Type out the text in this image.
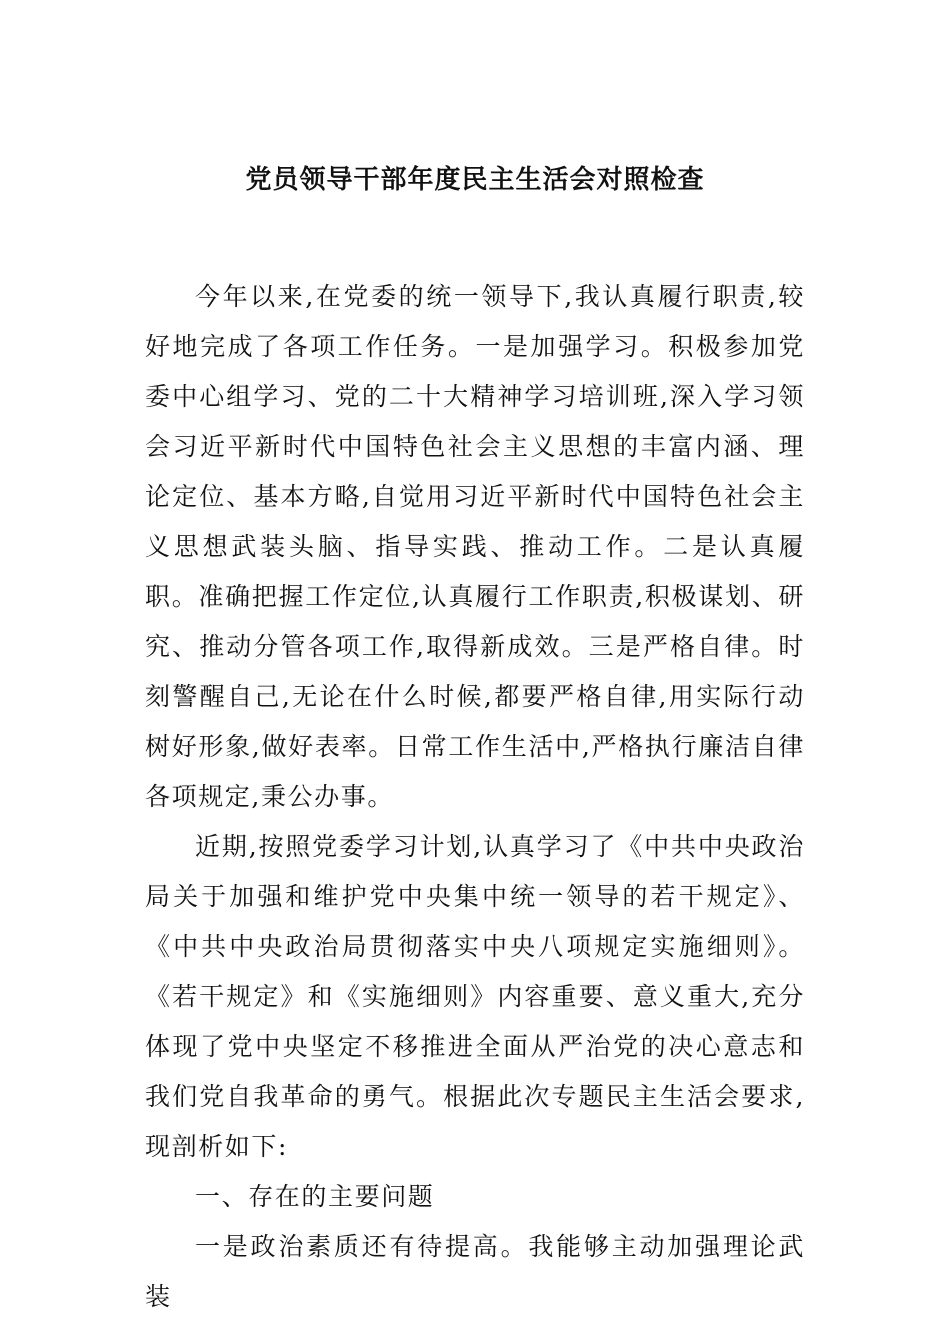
党员领导干部年度民主生活会对照检查

今年以来,在党委的统一领导下,我认真履行职责,较好地完成了各项工作任务。一是加强学习。积极参加党委中心组学习、党的二十大精神学习培训班,深入学习领会习近平新时代中国特色社会主义思想的丰富内涵、理论定位、基本方略,自觉用习近平新时代中国特色社会主义思想武装头脑、指导实践、推动工作。二是认真履职。准确把握工作定位,认真履行工作职责,积极谋划、研究、推动分管各项工作,取得新成效。三是严格自律。时刻警醒自己,无论在什么时候,都要严格自律,用实际行动树好形象,做好表率。日常工作生活中,严格执行廉洁自律各项规定,秉公办事。

近期,按照党委学习计划,认真学习了《中共中央政治局关于加强和维护党中央集中统一领导的若干规定》、《中共中央政治局贯彻落实中央八项规定实施细则》。《若干规定》和《实施细则》内容重要、意义重大,充分体现了党中央坚定不移推进全面从严治党的决心意志和我们党自我革命的勇气。根据此次专题民主生活会要求,现剖析如下:

一、存在的主要问题

一是政治素质还有待提高。我能够主动加强理论武装
